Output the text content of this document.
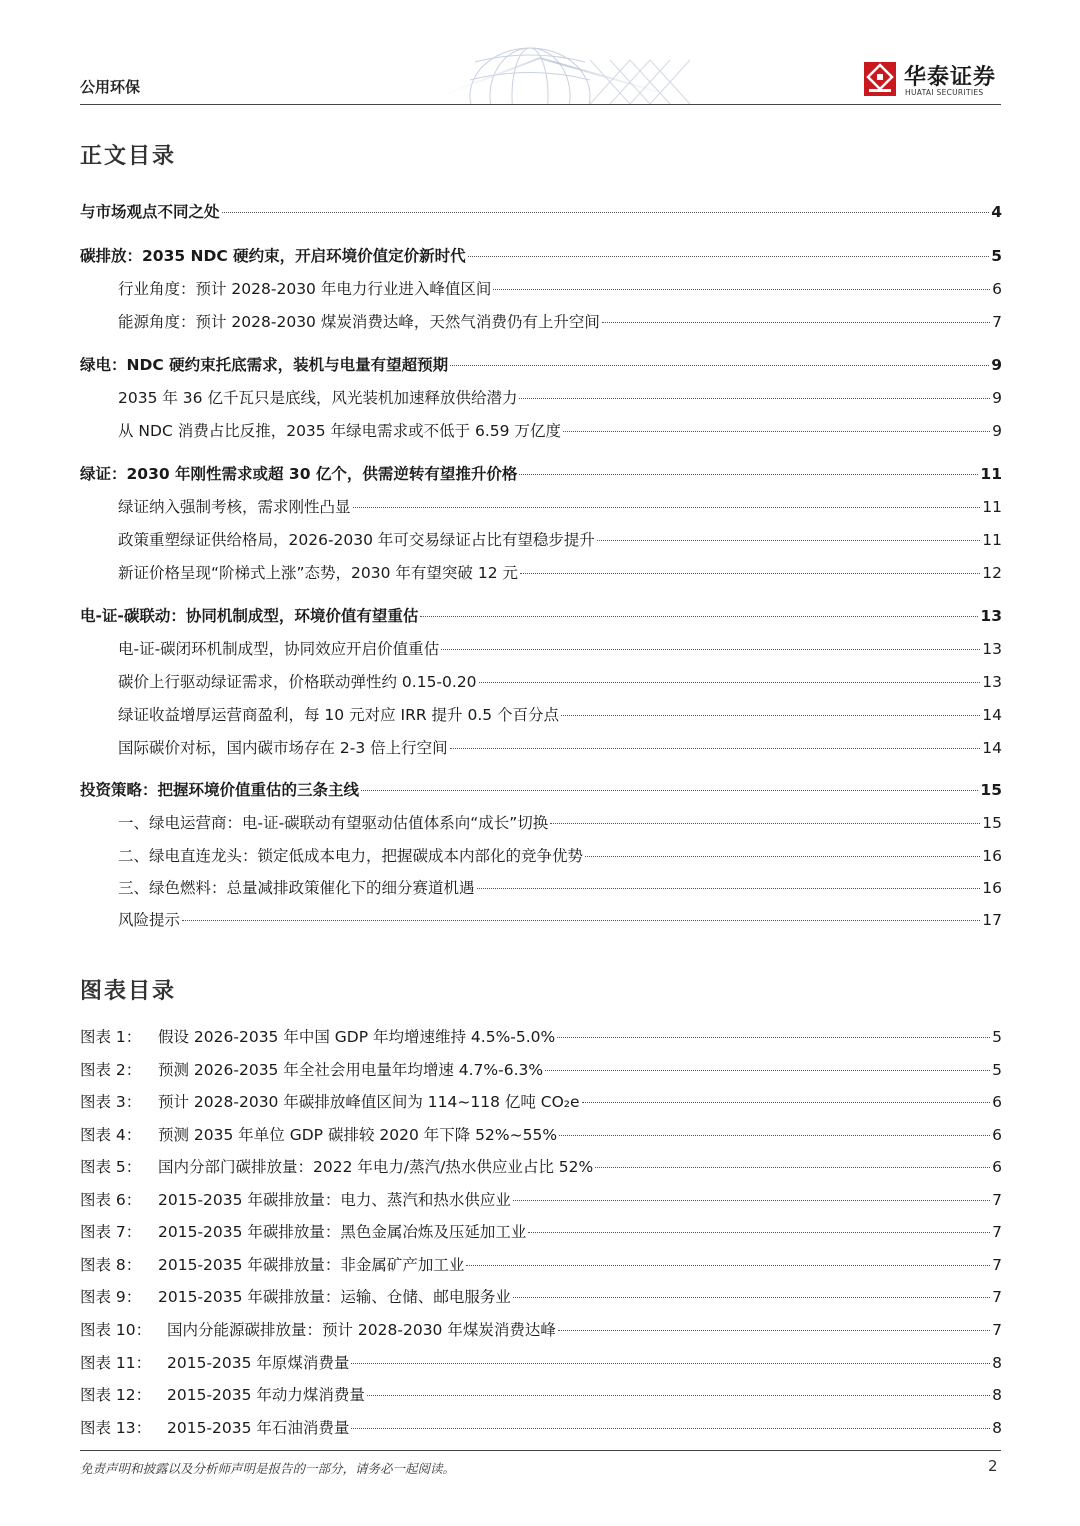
公用环保	华泰证券
HUATAI SECURITIES
正文目录
与市场观点不同之处	4
碳排放：2035 NDC 硬约束，开启环境价值定价新时代	5
行业角度：预计 2028-2030 年电力行业进入峰值区间	6
能源角度：预计 2028-2030 煤炭消费达峰，天然气消费仍有上升空间	7
绿电：NDC 硬约束托底需求，装机与电量有望超预期	9
2035 年 36 亿千瓦只是底线，风光装机加速释放供给潜力	9
从 NDC 消费占比反推，2035 年绿电需求或不低于 6.59 万亿度	9
绿证：2030 年刚性需求或超 30 亿个，供需逆转有望推升价格	11
绿证纳入强制考核，需求刚性凸显	11
政策重塑绿证供给格局，2026-2030 年可交易绿证占比有望稳步提升	11
新证价格呈现“阶梯式上涨”态势，2030 年有望突破 12 元	12
电-证-碳联动：协同机制成型，环境价值有望重估	13
电-证-碳闭环机制成型，协同效应开启价值重估	13
碳价上行驱动绿证需求，价格联动弹性约 0.15-0.20	13
绿证收益增厚运营商盈利，每 10 元对应 IRR 提升 0.5 个百分点	14
国际碳价对标，国内碳市场存在 2-3 倍上行空间	14
投资策略：把握环境价值重估的三条主线	15
一、绿电运营商：电-证-碳联动有望驱动估值体系向“成长”切换	15
二、绿电直连龙头：锁定低成本电力，把握碳成本内部化的竞争优势	16
三、绿色燃料：总量减排政策催化下的细分赛道机遇	16
风险提示	17
图表目录
图表 1：	假设 2026-2035 年中国 GDP 年均增速维持 4.5%-5.0%	5
图表 2：	预测 2026-2035 年全社会用电量年均增速 4.7%-6.3%	5
图表 3：	预计 2028-2030 年碳排放峰值区间为 114~118 亿吨 CO₂e	6
图表 4：	预测 2035 年单位 GDP 碳排较 2020 年下降 52%~55%	6
图表 5：	国内分部门碳排放量：2022 年电力/蒸汽/热水供应业占比 52%	6
图表 6：	2015-2035 年碳排放量：电力、蒸汽和热水供应业	7
图表 7：	2015-2035 年碳排放量：黑色金属冶炼及压延加工业	7
图表 8：	2015-2035 年碳排放量：非金属矿产加工业	7
图表 9：	2015-2035 年碳排放量：运输、仓储、邮电服务业	7
图表 10：	国内分能源碳排放量：预计 2028-2030 年煤炭消费达峰	7
图表 11：	2015-2035 年原煤消费量	8
图表 12：	2015-2035 年动力煤消费量	8
图表 13：	2015-2035 年石油消费量	8
免责声明和披露以及分析师声明是报告的一部分，请务必一起阅读。	2
